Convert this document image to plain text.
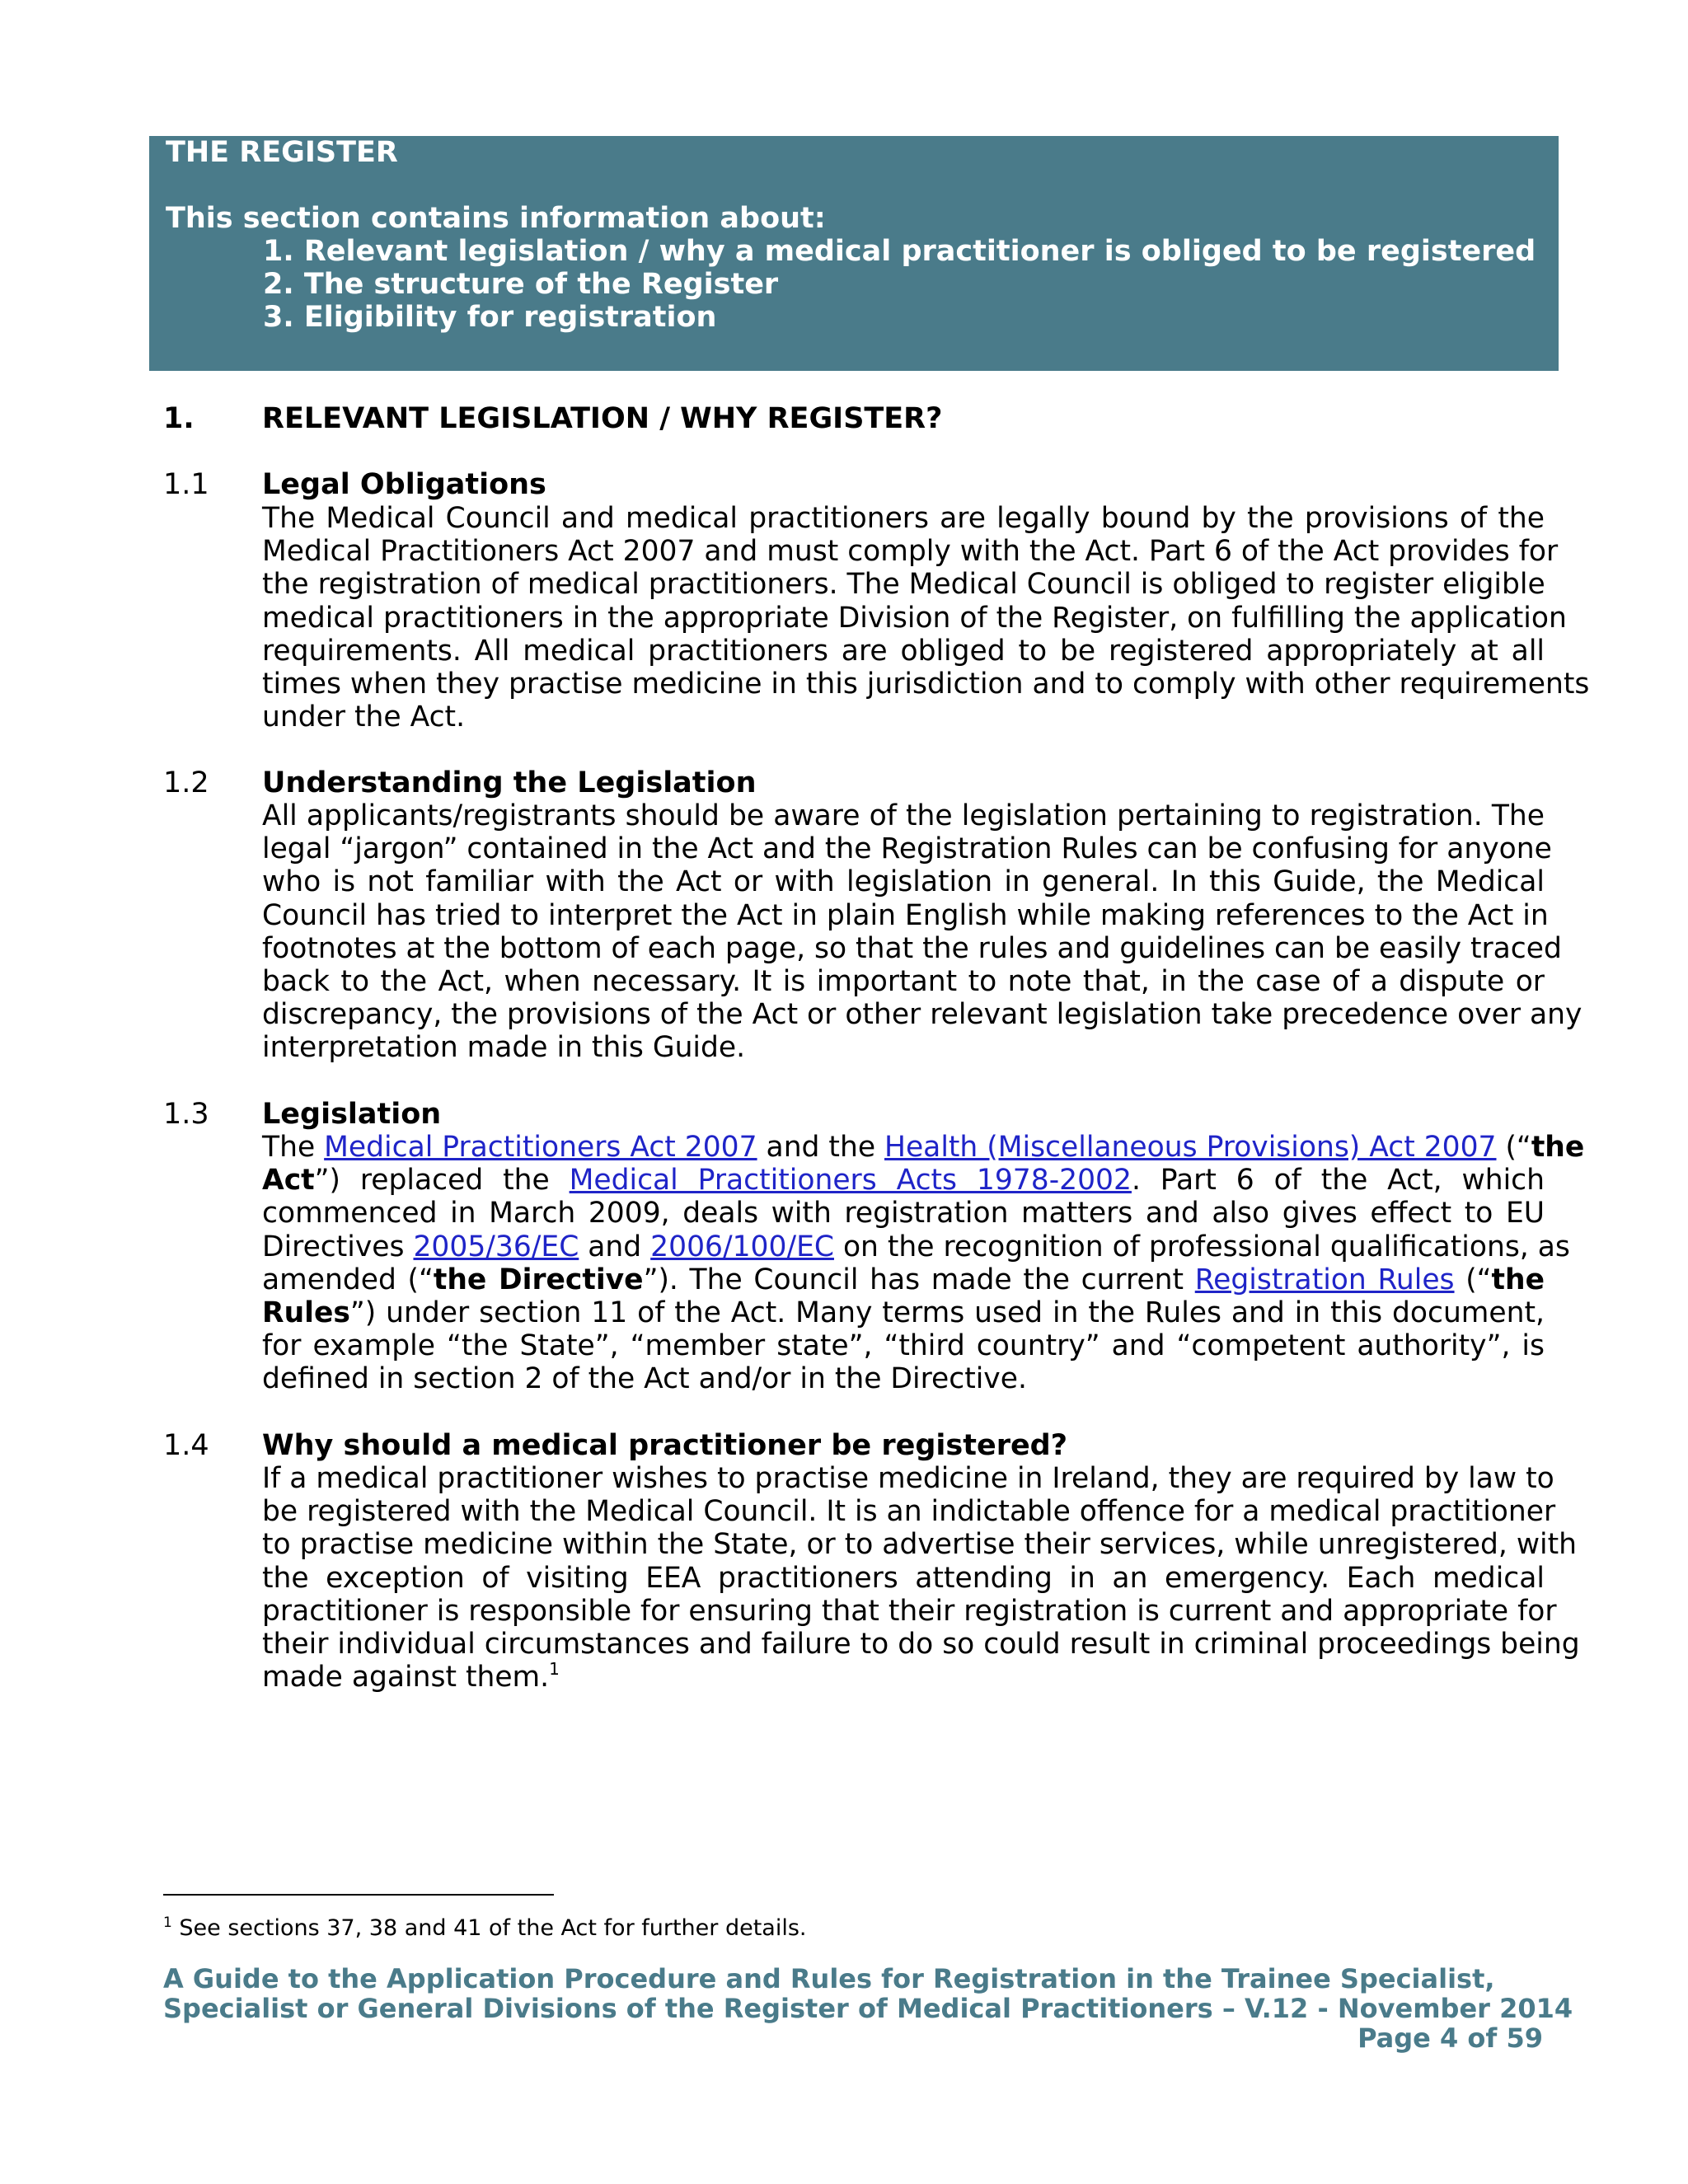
THE REGISTER
This section contains information about:
1. Relevant legislation / why a medical practitioner is obliged to be registered
2. The structure of the Register
3. Eligibility for registration
1. RELEVANT LEGISLATION / WHY REGISTER?
1.1 Legal Obligations
The Medical Council and medical practitioners are legally bound by the provisions of the
Medical Practitioners Act 2007 and must comply with the Act. Part 6 of the Act provides for
the registration of medical practitioners. The Medical Council is obliged to register eligible
medical practitioners in the appropriate Division of the Register, on fulfilling the application
requirements. All medical practitioners are obliged to be registered appropriately at all
times when they practise medicine in this jurisdiction and to comply with other requirements
under the Act.
1.2 Understanding the Legislation
All applicants/registrants should be aware of the legislation pertaining to registration. The
legal “jargon” contained in the Act and the Registration Rules can be confusing for anyone
who is not familiar with the Act or with legislation in general. In this Guide, the Medical
Council has tried to interpret the Act in plain English while making references to the Act in
footnotes at the bottom of each page, so that the rules and guidelines can be easily traced
back to the Act, when necessary. It is important to note that, in the case of a dispute or
discrepancy, the provisions of the Act or other relevant legislation take precedence over any
interpretation made in this Guide.
1.3 Legislation
The Medical Practitioners Act 2007 and the Health (Miscellaneous Provisions) Act 2007 (“the
Act”) replaced the Medical Practitioners Acts 1978-2002. Part 6 of the Act, which
commenced in March 2009, deals with registration matters and also gives effect to EU
Directives 2005/36/EC and 2006/100/EC on the recognition of professional qualifications, as
amended (“the Directive”). The Council has made the current Registration Rules (“the
Rules”) under section 11 of the Act. Many terms used in the Rules and in this document,
for example “the State”, “member state”, “third country” and “competent authority”, is
defined in section 2 of the Act and/or in the Directive.
1.4 Why should a medical practitioner be registered?
If a medical practitioner wishes to practise medicine in Ireland, they are required by law to
be registered with the Medical Council. It is an indictable offence for a medical practitioner
to practise medicine within the State, or to advertise their services, while unregistered, with
the exception of visiting EEA practitioners attending in an emergency. Each medical
practitioner is responsible for ensuring that their registration is current and appropriate for
their individual circumstances and failure to do so could result in criminal proceedings being
made against them.$^1$
$^1$ See sections 37, 38 and 41 of the Act for further details.
A Guide to the Application Procedure and Rules for Registration in the Trainee Specialist,
Specialist or General Divisions of the Register of Medical Practitioners – V.12 - November 2014
Page 4 of 59
